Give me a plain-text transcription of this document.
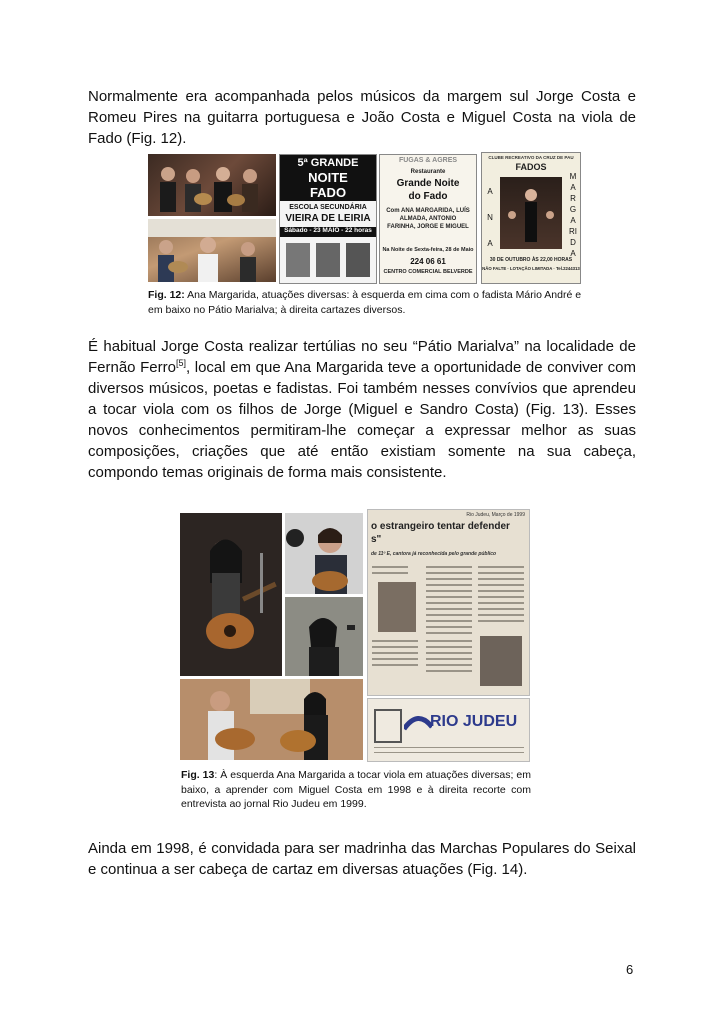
Normalmente era acompanhada pelos músicos da margem sul Jorge Costa e Romeu Pires na guitarra portuguesa e João Costa e Miguel Costa na viola de Fado (Fig. 12).

5ª GRANDE
NOITE
FADO
ESCOLA SECUNDÁRIA
VIEIRA DE LEIRIA
Sábado - 23 MAIO - 22 horas
FUGAS & AGRES
Restaurante
Grande Noite
do Fado
Com ANA MARGARIDA, LUÍS ALMADA, ANTONIO FARINHA, JORGE E MIGUEL
Na Noite de Sexta-feira, 28 de Maio
224 06 61
CENTRO COMERCIAL BELVERDE
CLUBE RECREATIVO DA CRUZ DE PAU
FADOS
A N A
MARGARIDA
30 DE OUTUBRO ÀS 22,00 HORAS
NÃO FALTE · LOTAÇÃO LIMITADA · Tel.2244313

Fig. 12: Ana Margarida, atuações diversas: à esquerda em cima com o fadista Mário André e em baixo no Pátio Marialva; à direita cartazes diversos.

É habitual Jorge Costa realizar tertúlias no seu “Pátio Marialva” na localidade de Fernão Ferro[5], local em que Ana Margarida teve a oportunidade de conviver com diversos músicos, poetas e fadistas. Foi também nesses convívios que aprendeu a tocar viola com os filhos de Jorge (Miguel e Sandro Costa) (Fig. 13). Esses novos conhecimentos permitiram-lhe começar a expressar melhor as suas composições, criações que até então existiam somente na sua cabeça, compondo temas originais de forma mais consistente.

Rio Judeu, Março de 1999
o estrangeiro tentar defender
s"
de 11º E, cantora já reconhecida pelo grande público
RIO JUDEU

Fig. 13: À esquerda Ana Margarida a tocar viola em atuações diversas; em baixo, a aprender com Miguel Costa em 1998 e à direita recorte com entrevista ao jornal Rio Judeu em 1999.

Ainda em 1998, é convidada para ser madrinha das Marchas Populares do Seixal e continua a ser cabeça de cartaz em diversas atuações (Fig. 14).

6
